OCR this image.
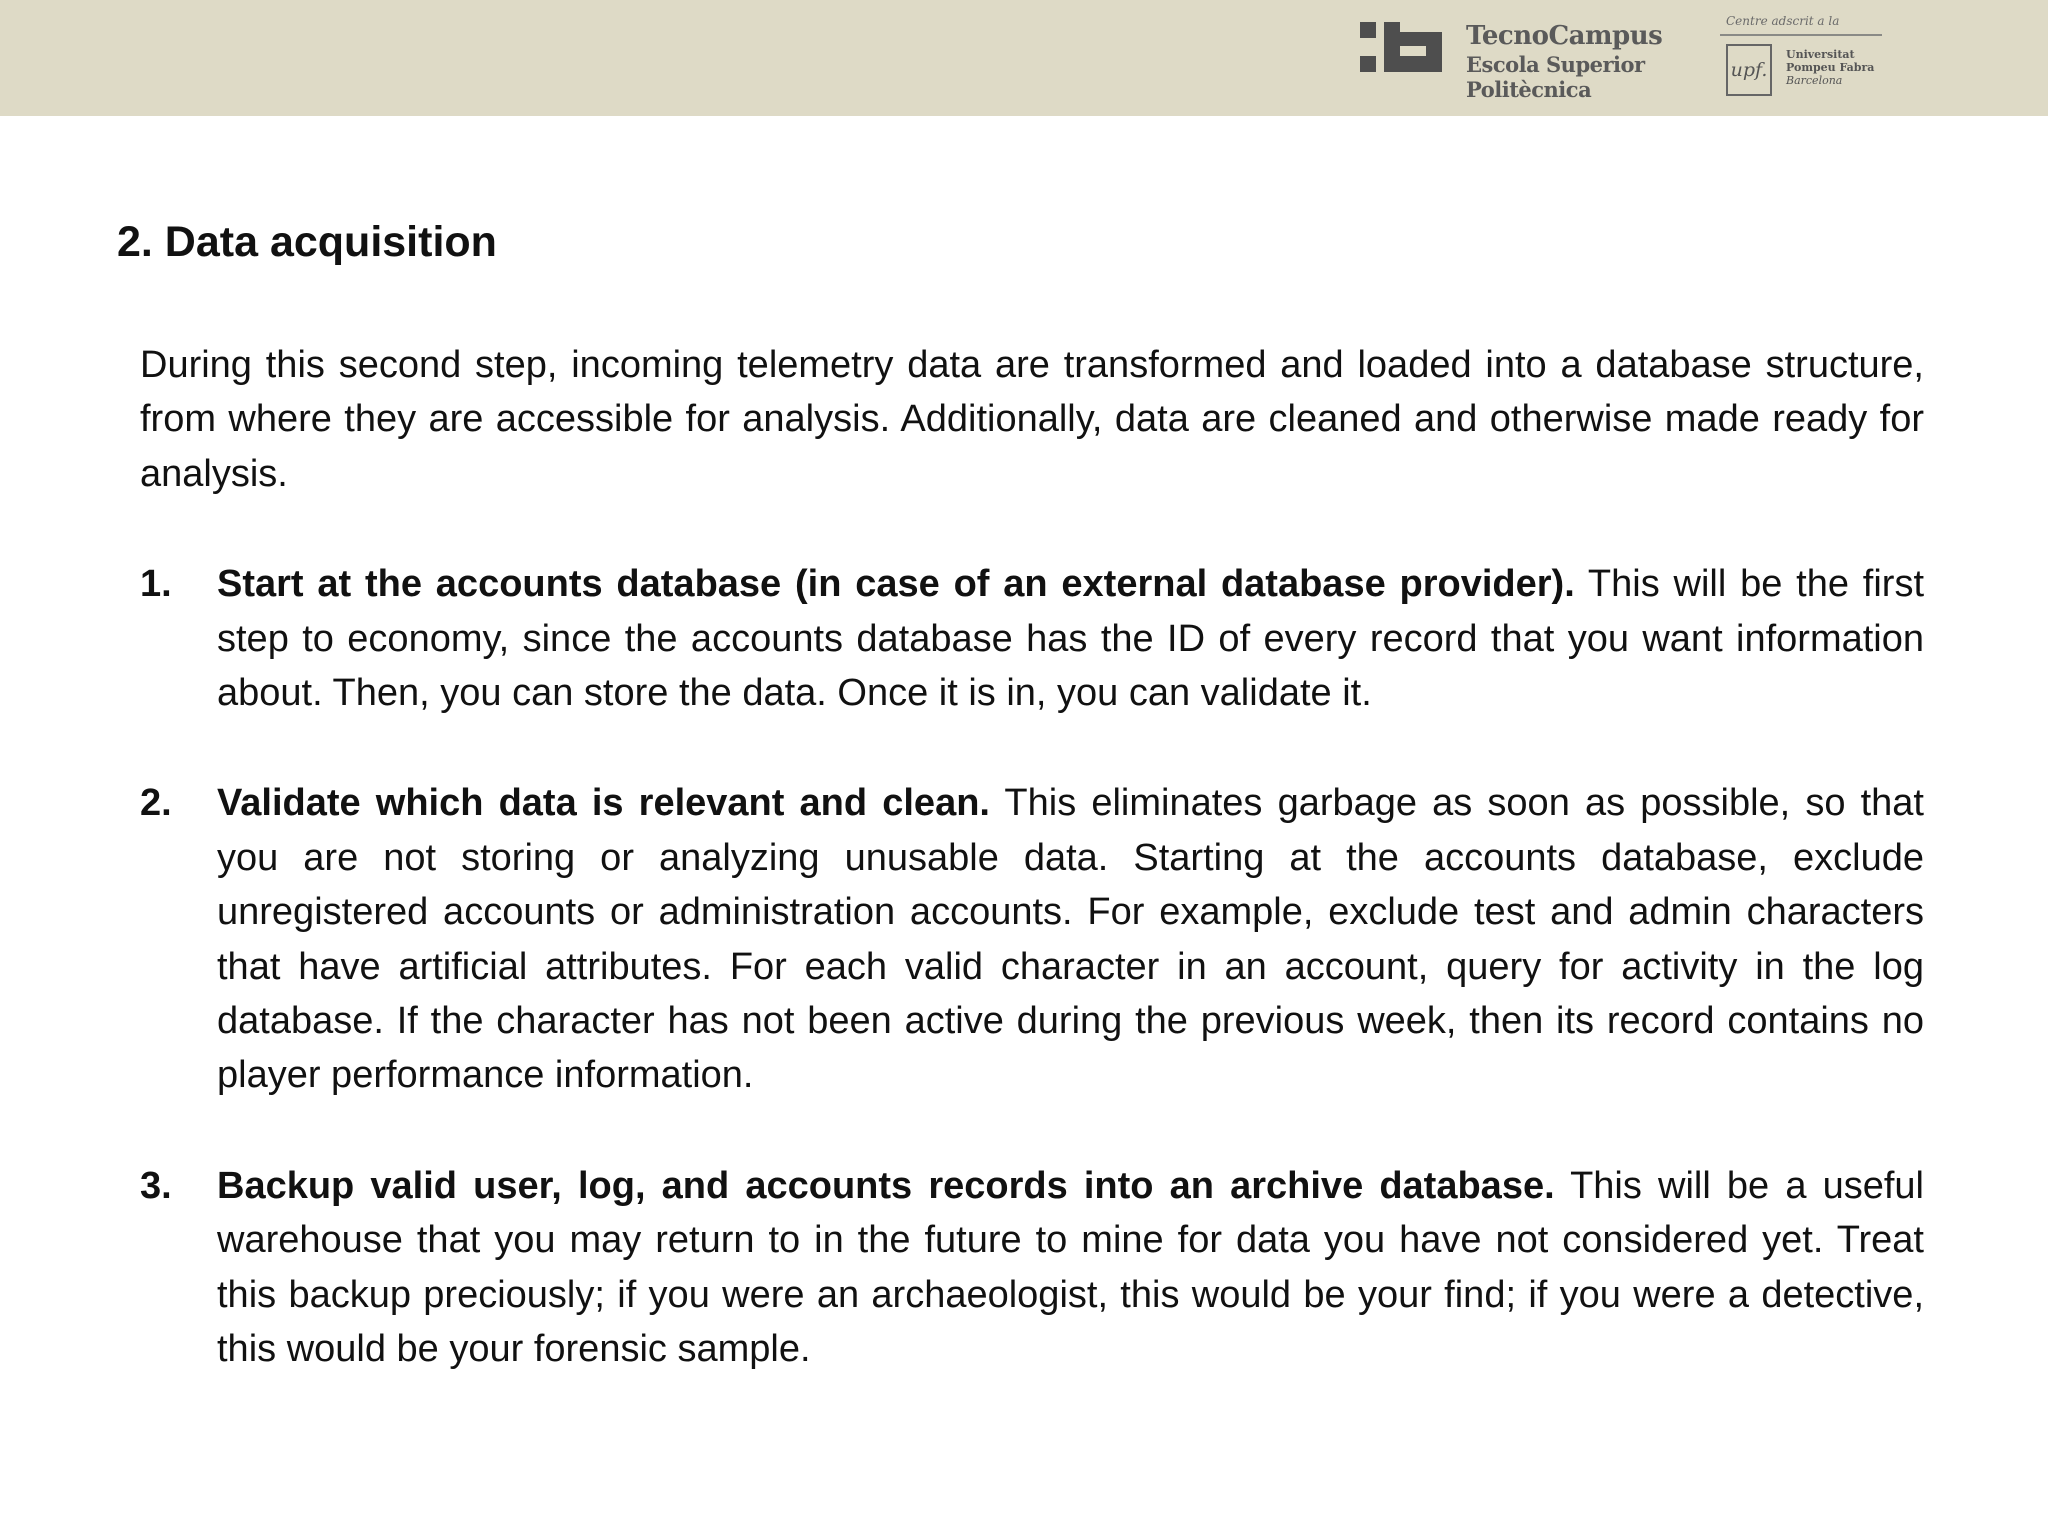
TecnoCampus
Escola Superior
Politècnica
Centre adscrit a la
upf.
Universitat
Pompeu Fabra
Barcelona
2. Data acquisition

During this second step, incoming telemetry data are transformed and loaded into a database structure, from where they are accessible for analysis. Additionally, data are cleaned and otherwise made ready for analysis.

1. Start at the accounts database (in case of an external database provider). This will be the first step to economy, since the accounts database has the ID of every record that you want information about. Then, you can store the data. Once it is in, you can validate it.
2. Validate which data is relevant and clean. This eliminates garbage as soon as possible, so that you are not storing or analyzing unusable data. Starting at the accounts database, exclude unregistered accounts or administration accounts. For example, exclude test and admin characters that have artificial attributes. For each valid character in an account, query for activity in the log database. If the character has not been active during the previous week, then its record contains no player performance information.
3. Backup valid user, log, and accounts records into an archive database. This will be a useful warehouse that you may return to in the future to mine for data you have not considered yet. Treat this backup preciously; if you were an archaeologist, this would be your find; if you were a detective, this would be your forensic sample.
